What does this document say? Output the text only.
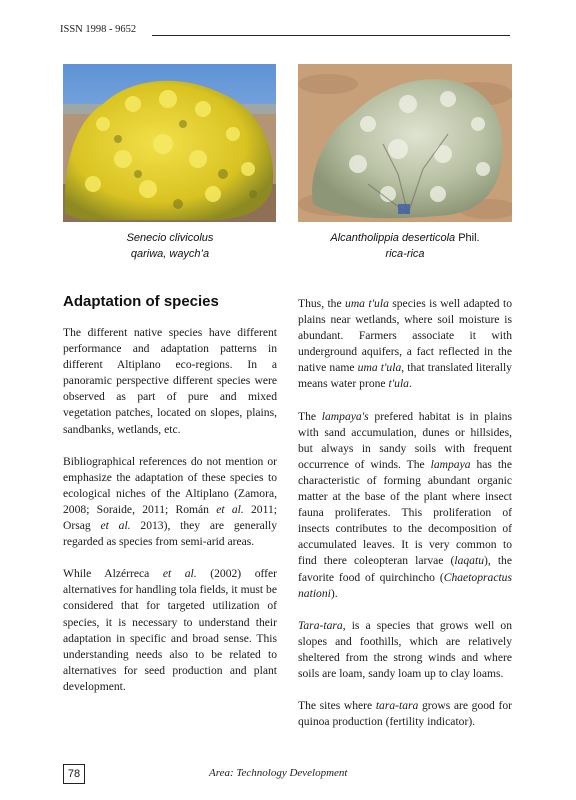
ISSN 1998 - 9652
Senecio clivicolus
qariwa, waych’a
Alcantholippia deserticola Phil.
rica-rica
Adaptation of species

The different native species have different performance and adaptation patterns in different Altiplano eco-regions. In a panoramic perspective different species were observed as part of pure and mixed vegetation patches, located on slopes, plains, sandbanks, wetlands, etc.

Bibliographical references do not mention or emphasize the adaptation of these species to ecological niches of the Altiplano (Zamora, 2008; Soraide, 2011; Román et al. 2011; Orsag et al. 2013), they are generally regarded as species from semi-arid areas.

While Alzérreca et al. (2002) offer alternatives for handling tola fields, it must be considered that for targeted utilization of species, it is necessary to understand their adaptation in specific and broad sense. This understanding needs also to be related to alternatives for seed production and plant development.

Thus, the uma t'ula species is well adapted to plains near wetlands, where soil moisture is abundant. Farmers associate it with underground aquifers, a fact reflected in the native name uma t'ula, that translated literally means water prone t'ula.

The lampaya's prefered habitat is in plains with sand accumulation, dunes or hillsides, but always in sandy soils with frequent occurrence of winds. The lampaya has the characteristic of forming abundant organic matter at the base of the plant where insect fauna proliferates. This proliferation of insects contributes to the decomposition of accumulated leaves. It is very common to find there coleopteran larvae (laqatu), the favorite food of quirchincho (Chaetopractus nationi).

Tara-tara, is a species that grows well on slopes and foothills, which are relatively sheltered from the strong winds and where soils are loam, sandy loam up to clay loams.

The sites where tara-tara grows are good for quinoa production (fertility indicator).

78	Area: Technology Development
